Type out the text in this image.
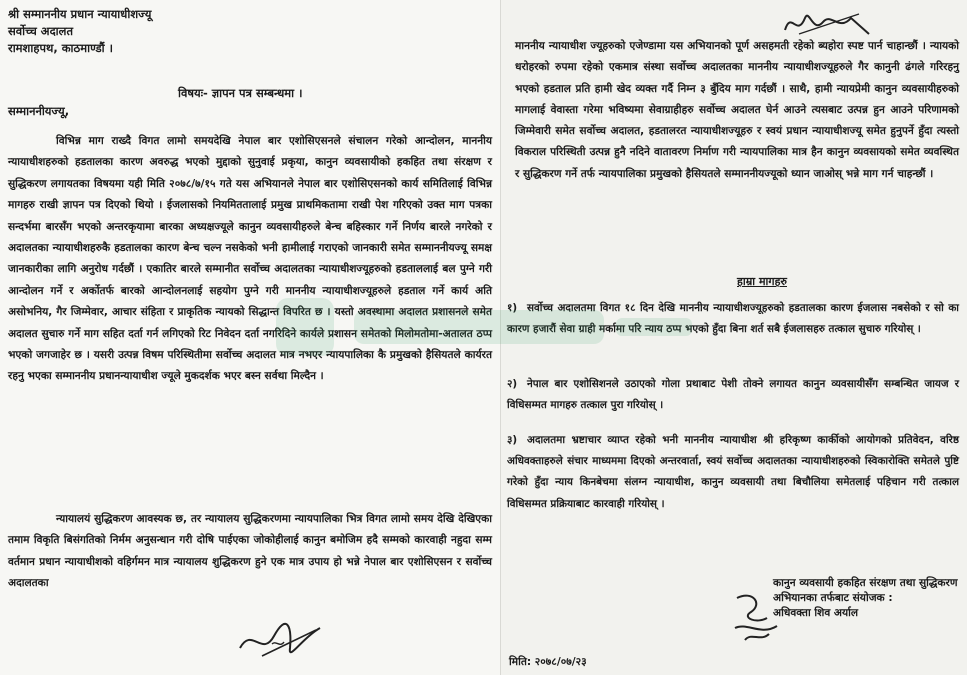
श्री सम्माननीय प्रधान न्यायाधीशज्यू
सर्वोच्च अदालत
रामशाहपथ, काठमाण्डौं ।
विषयः- ज्ञापन पत्र सम्बन्धमा ।
सम्माननीयज्यू,

विभिन्न माग राख्दै विगत लामो समयदेखि नेपाल बार एशोसिएसनले संचालन गरेको आन्दोलन, माननीय न्यायाधीशहरुको हडतालका कारण अवरुद्ध भएको मुद्दाको सुनुवाई प्रकृया, कानुन व्यवसायीको हकहित तथा संरक्षण र सुद्धिकरण लगायतका विषयमा यही मिति २०७८/७/१५ गते यस अभियानले नेपाल बार एशोसिएसनको कार्य समितिलाई विभिन्न मागहरु राखी ज्ञापन पत्र दिएको थियो । ईजलासको नियमिततालाई प्रमुख प्राथमिकतामा राखी पेश गरिएको उक्त माग पत्रका सन्दर्भमा बारसँग भएको अन्तरकृयामा बारका अध्यक्षज्यूले कानुन व्यवसायीहरुले बेन्च बहिस्कार गर्ने निर्णय बारले नगरेको र अदालतका न्यायाधीशहरुकै हडतालका कारण बेन्च चल्न नसकेको भनी हामीलाई गराएको जानकारी समेत सम्माननीयज्यू समक्ष जानकारीका लागि अनुरोध गर्दछौं । एकातिर बारले सम्मानीत सर्वोच्च अदालतका न्यायाधीशज्यूहरुको हडताललाई बल पुग्ने गरी आन्दोलन गर्ने र अर्कोतर्फ बारको आन्दोलनलाई सहयोग पुग्ने गरी माननीय न्यायाधीशज्यूहरुले हडताल गर्ने कार्य अति असोभनिय, गैर जिम्मेवार, आचार संहिता र प्राकृतिक न्यायको सिद्धान्त विपरित छ । यस्तो अवस्थामा अदालत प्रशासनले समेत अदालत सुचारु गर्ने माग सहित दर्ता गर्न लगिएको रिट निवेदन दर्ता नगरिदिने कार्यले प्रशासन समेतको मिलोमतोमा-अतालत ठप्प भएको जगजाहेर छ । यसरी उत्पन्न विषम परिस्थितीमा सर्वोच्च अदालत मात्र नभएर न्यायपालिका कै प्रमुखको हैसियतले कार्यरत रहनु भएका सम्माननीय प्रधानन्यायाधीश ज्यूले मुकदर्शक भएर बस्न सर्वथा मिल्दैन ।

न्यायालयं सुद्धिकरण आवस्यक छ, तर न्यायालय सुद्धिकरणमा न्यायपालिका भित्र विगत लामो समय देखि देखिएका तमाम विकृति बिसंगतिको निर्मम अनुसन्धान गरी दोषि पाईएका जोकोहीलाई कानुन बमोजिम हदै सम्मको कारवाही नहुदा सम्म वर्तमान प्रधान न्यायाधीशको वहिर्गमन मात्र न्यायालय शुद्धिकरण हुने एक मात्र उपाय हो भन्ने नेपाल बार एशोसिएसन र सर्वोच्च अदालतका

माननीय न्यायाधीश ज्यूहरुको एजेण्डामा यस अभियानको पूर्ण असहमती रहेको ब्यहोरा स्पष्ट पार्न चाहान्छौं । न्यायको धरोहरको रुपमा रहेको एकमात्र संस्था सर्वोच्च अदालतका माननीय न्यायाधीशज्यूहरुले गैर कानुनी ढंगले गरिरहनु भएको हडताल प्रति हामी खेद व्यक्त गर्दै निम्न ३ बुँदिय माग गर्दछौं । साथै, हामी न्यायप्रेमी कानुन व्यवसायीहरुको मागलाई वेवास्ता गरेमा भविष्यमा सेवाग्राहीहरु सर्वोच्च अदालत घेर्न आउने त्यसबाट उत्पन्न हुन आउने परिणामको जिम्मेवारी समेत सर्वोच्च अदालत, हडतालरत न्यायाधीशज्यूहरु र स्वयं प्रधान न्यायाधीशज्यू समेत हुनुपर्ने हुँदा त्यस्तो विकराल परिस्थिती उत्पन्न हुनै नदिने वातावरण निर्माण गरी न्यायपालिका मात्र हैन कानुन व्यवसायको समेत व्यवस्थित र सुद्धिकरण गर्ने तर्फ न्यायपालिका प्रमुखको हैसियतले सम्माननीयज्यूको ध्यान जाओस् भन्ने माग गर्न चाहन्छौं ।

हाम्रा मागहरु
१) सर्वोच्च अदालतमा विगत १८ दिन देखि माननीय न्यायाधीशज्यूहरुको हडतालका कारण ईजलास नबसेको र सो का कारण हजारौं सेवा ग्राही मर्कामा परि न्याय ठप्प भएको हुँदा बिना शर्त सबै ईजलासहरु तत्काल सुचारु गरियोस् ।
२) नेपाल बार एशोसिशनले उठाएको गोला प्रथाबाट पेशी तोक्ने लगायत कानुन व्यवसायीसँग सम्बन्धित जायज र विधिसम्मत मागहरु तत्काल पुरा गरियोस् ।
३) अदालतमा भ्रष्टाचार व्याप्त रहेको भनी माननीय न्यायाधीश श्री हरिकृष्ण कार्कीको आयोगको प्रतिवेदन, वरिष्ठ अधिवक्ताहरुले संचार माध्यममा दिएको अन्तरवार्ता, स्वयं सर्वोच्च अदालतका न्यायाधीशहरुको स्विकारोक्ति समेतले पुष्टि गरेको हुँदा न्याय किनबेचमा संलग्न न्यायाधीश, कानुन व्यवसायी तथा बिचौलिया समेतलाई पहिचान गरी तत्काल विधिसम्मत प्रक्रियाबाट कारवाही गरियोस् ।
कानुन व्यवसायी हकहित संरक्षण तथा सुद्धिकरण अभियानका तर्फबाट संयोजक :
अधिवक्ता शिव अर्याल
मिति: २०७८/०७/२३
